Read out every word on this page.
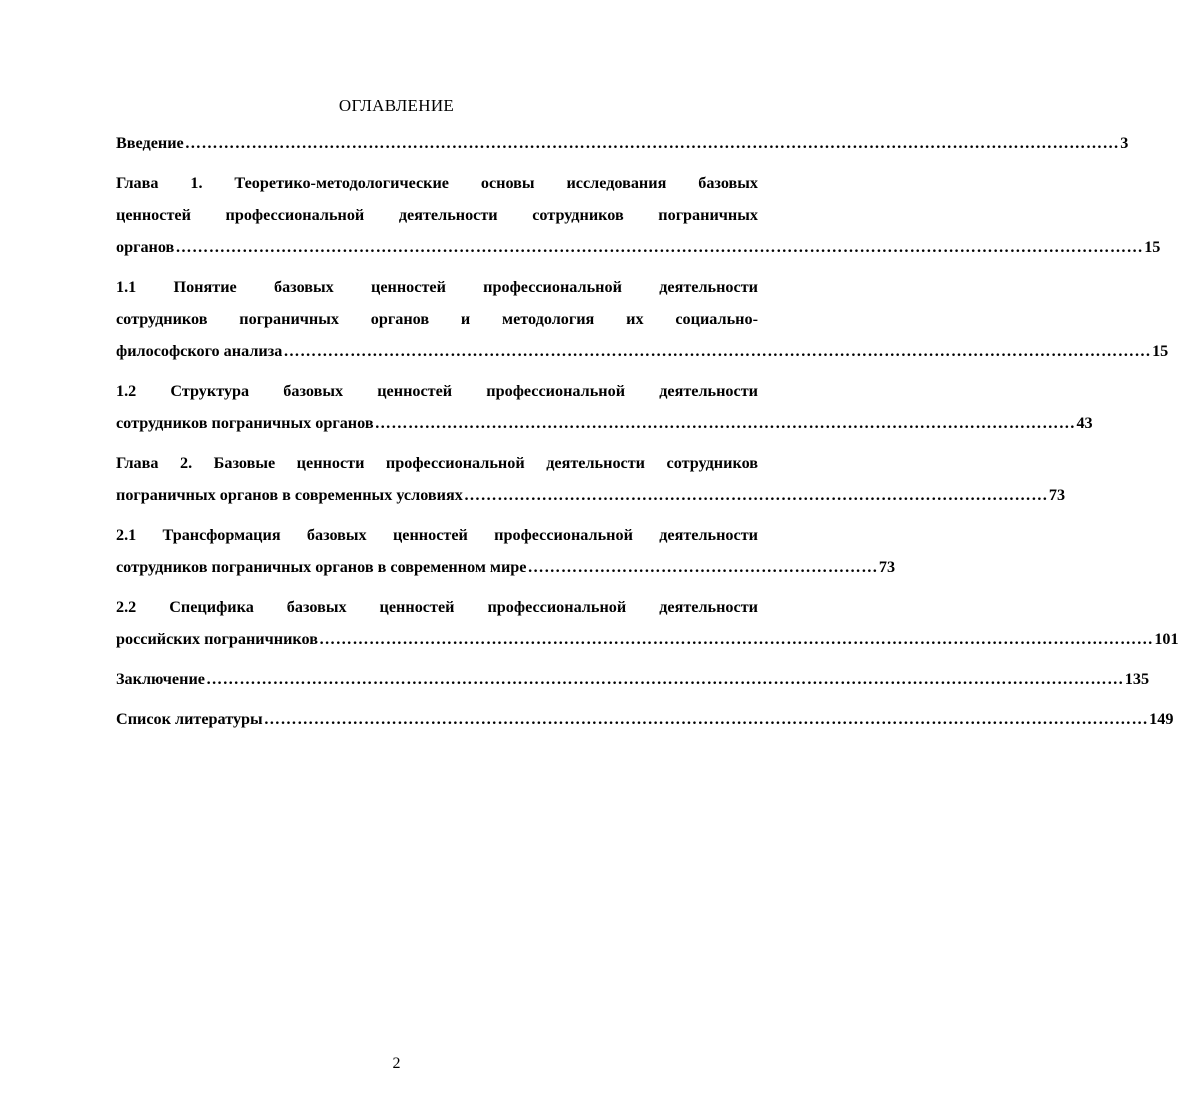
ОГЛАВЛЕНИЕ
Введение …………………………………………………………………………………………………………………………………………………… 3
Глава 1. Теоретико-методологические основы исследования базовых
ценностей профессиональной деятельности сотрудников пограничных
органов ………………………………………………………………………………………………………………………………………………………… 15
1.1 Понятие базовых ценностей профессиональной деятельности
сотрудников пограничных органов и методология их социально-
философского анализа ………………………………………………………………………………………………………………………………………… 15
1.2 Структура базовых ценностей профессиональной деятельности
сотрудников пограничных органов ……………………………………………………………………………………………………………… 43
Глава 2. Базовые ценности профессиональной деятельности сотрудников
пограничных органов в современных условиях …………………………………………………………………………………………… 73
2.1 Трансформация базовых ценностей профессиональной деятельности
сотрудников пограничных органов в современном мире ……………………………………………………… 73
2.2 Специфика базовых ценностей профессиональной деятельности
российских пограничников …………………………………………………………………………………………………………………………………… 101
Заключение ………………………………………………………………………………………………………………………………………………… 135
Список литературы …………………………………………………………………………………………………………………………………………… 149
2
